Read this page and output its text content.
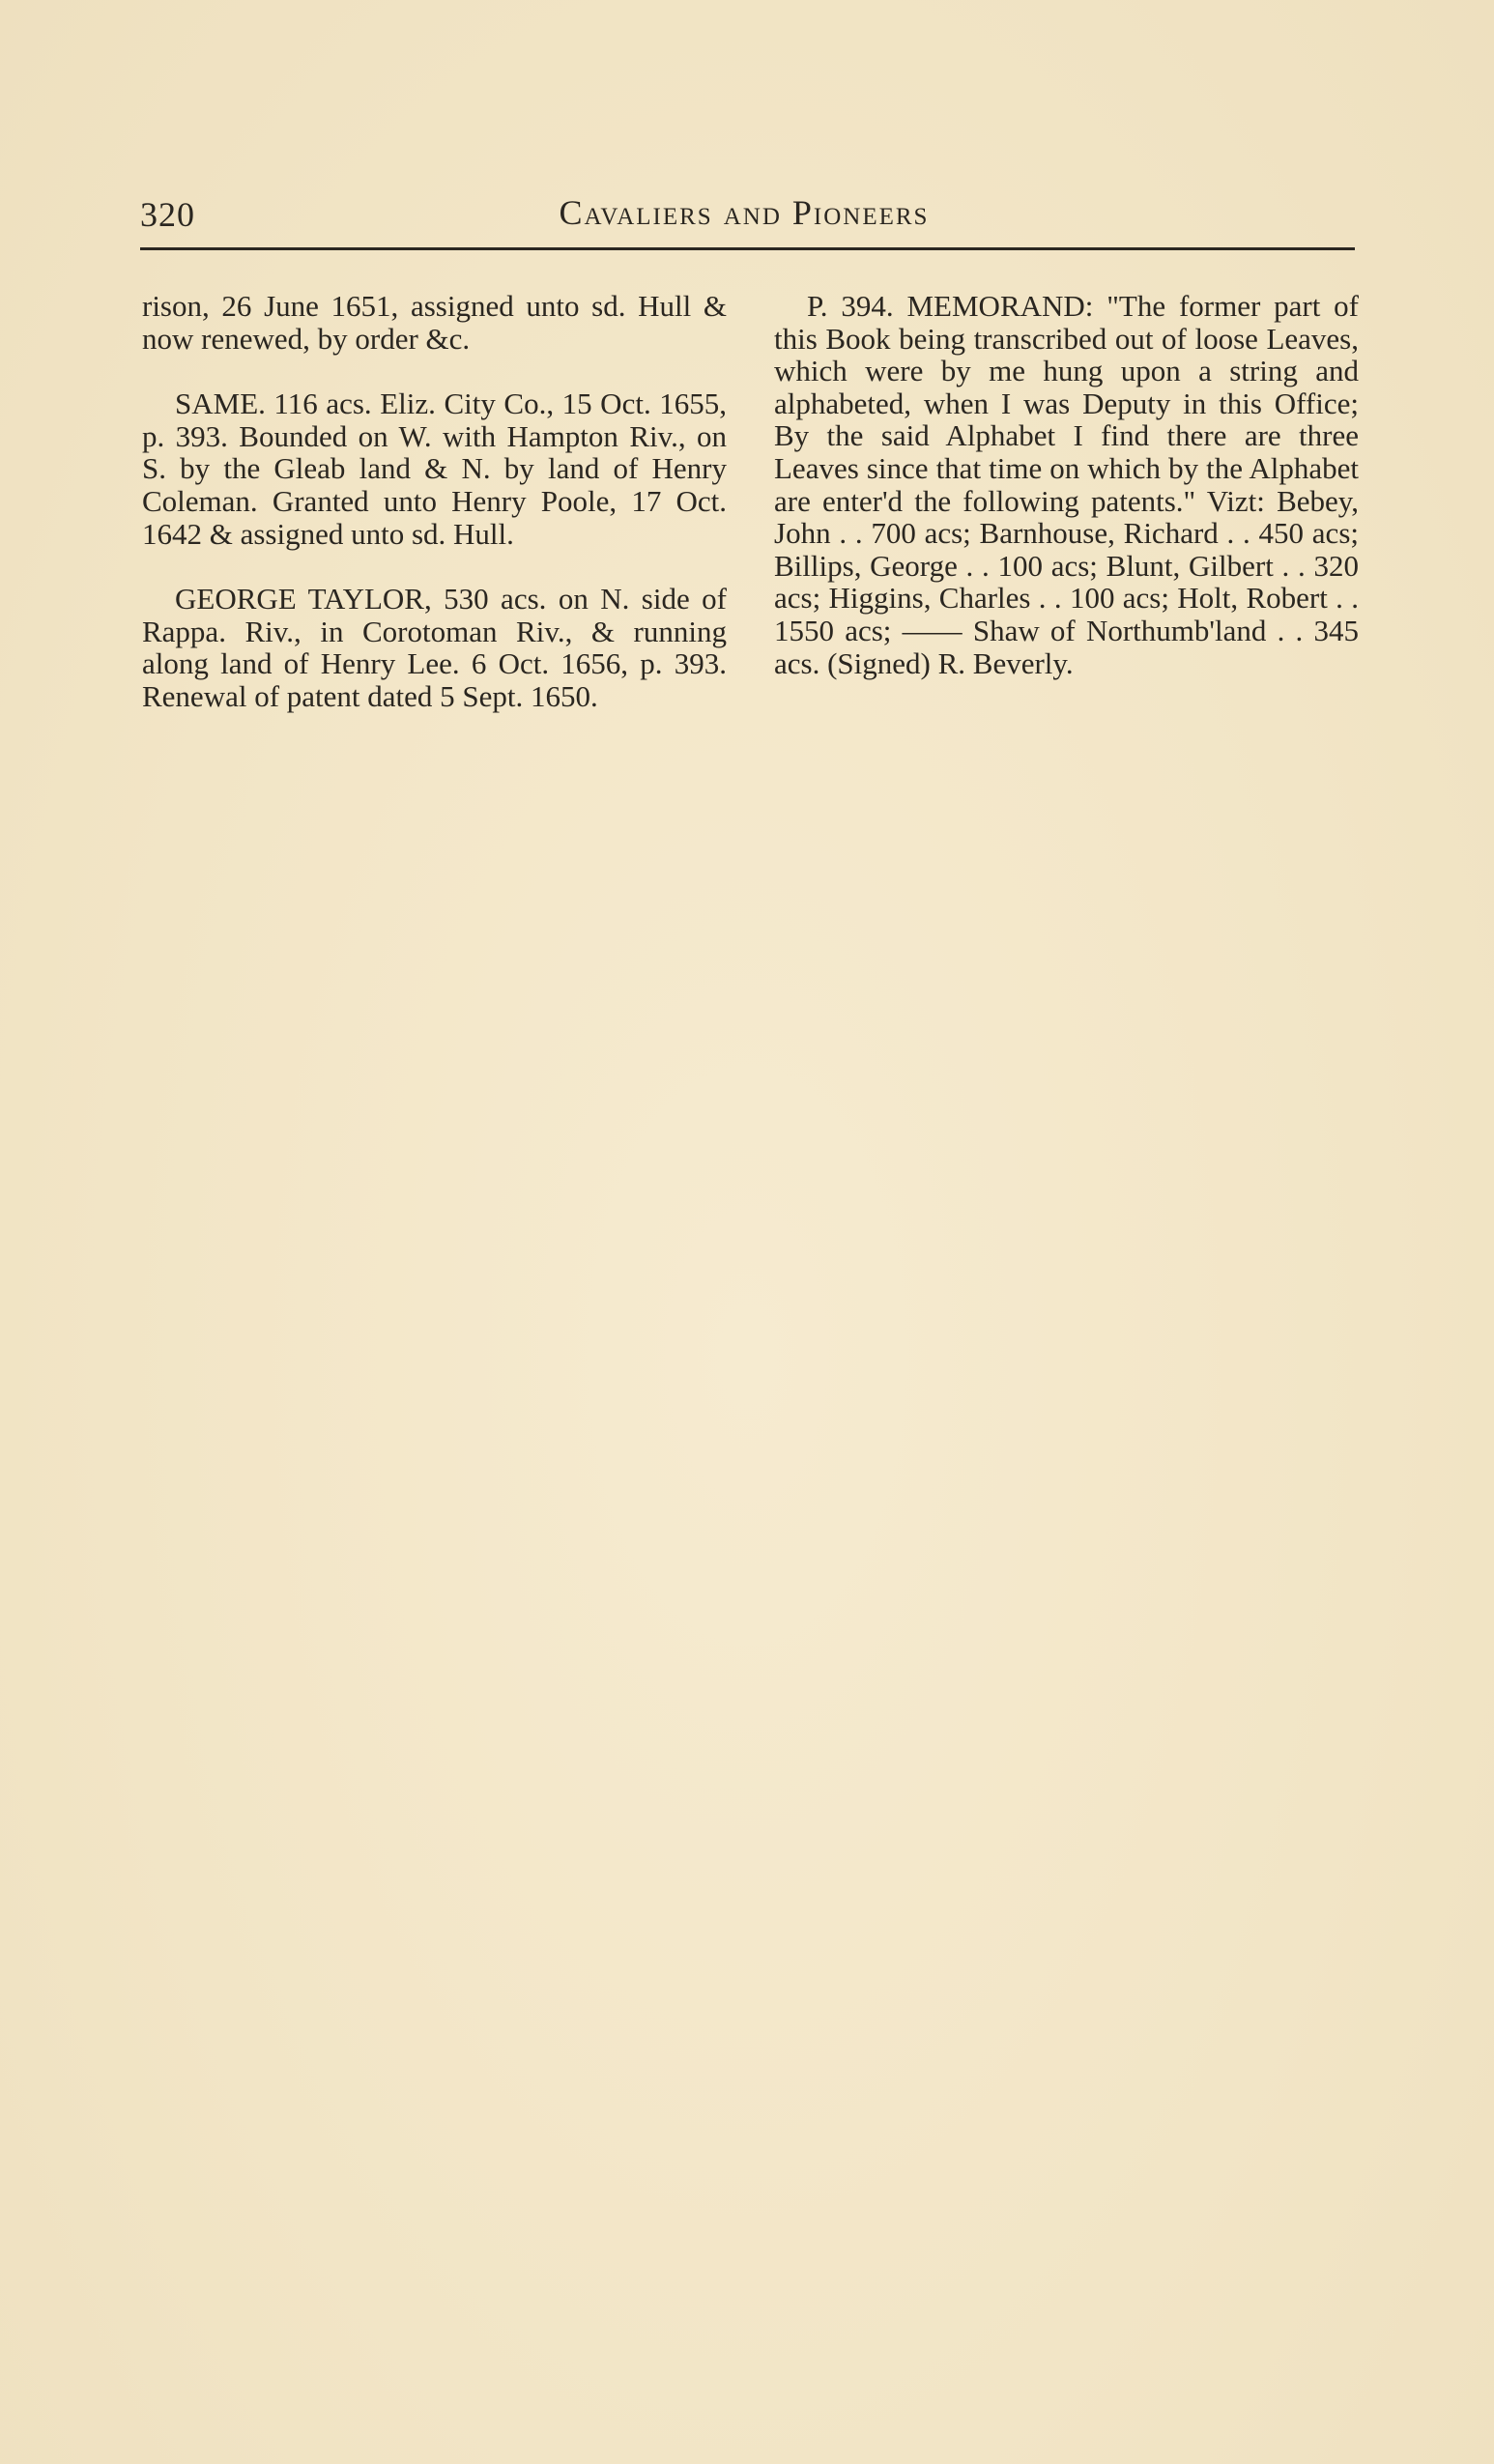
320	Cavaliers and Pioneers

rison, 26 June 1651, assigned unto sd. Hull & now renewed, by order &c.

SAME. 116 acs. Eliz. City Co., 15 Oct. 1655, p. 393. Bounded on W. with Hampton Riv., on S. by the Gleab land & N. by land of Henry Coleman. Granted unto Henry Poole, 17 Oct. 1642 & assigned unto sd. Hull.

GEORGE TAYLOR, 530 acs. on N. side of Rappa. Riv., in Corotoman Riv., & running along land of Henry Lee. 6 Oct. 1656, p. 393. Renewal of patent dated 5 Sept. 1650.

P. 394. MEMORAND: "The former part of this Book being transcribed out of loose Leaves, which were by me hung upon a string and alphabeted, when I was Deputy in this Office; By the said Alphabet I find there are three Leaves since that time on which by the Alphabet are enter'd the following patents." Vizt: Bebey, John . . 700 acs; Barnhouse, Richard . . 450 acs; Billips, George . . 100 acs; Blunt, Gilbert . . 320 acs; Higgins, Charles . . 100 acs; Holt, Robert . . 1550 acs; —— Shaw of Northumb'land . . 345 acs. (Signed) R. Beverly.
